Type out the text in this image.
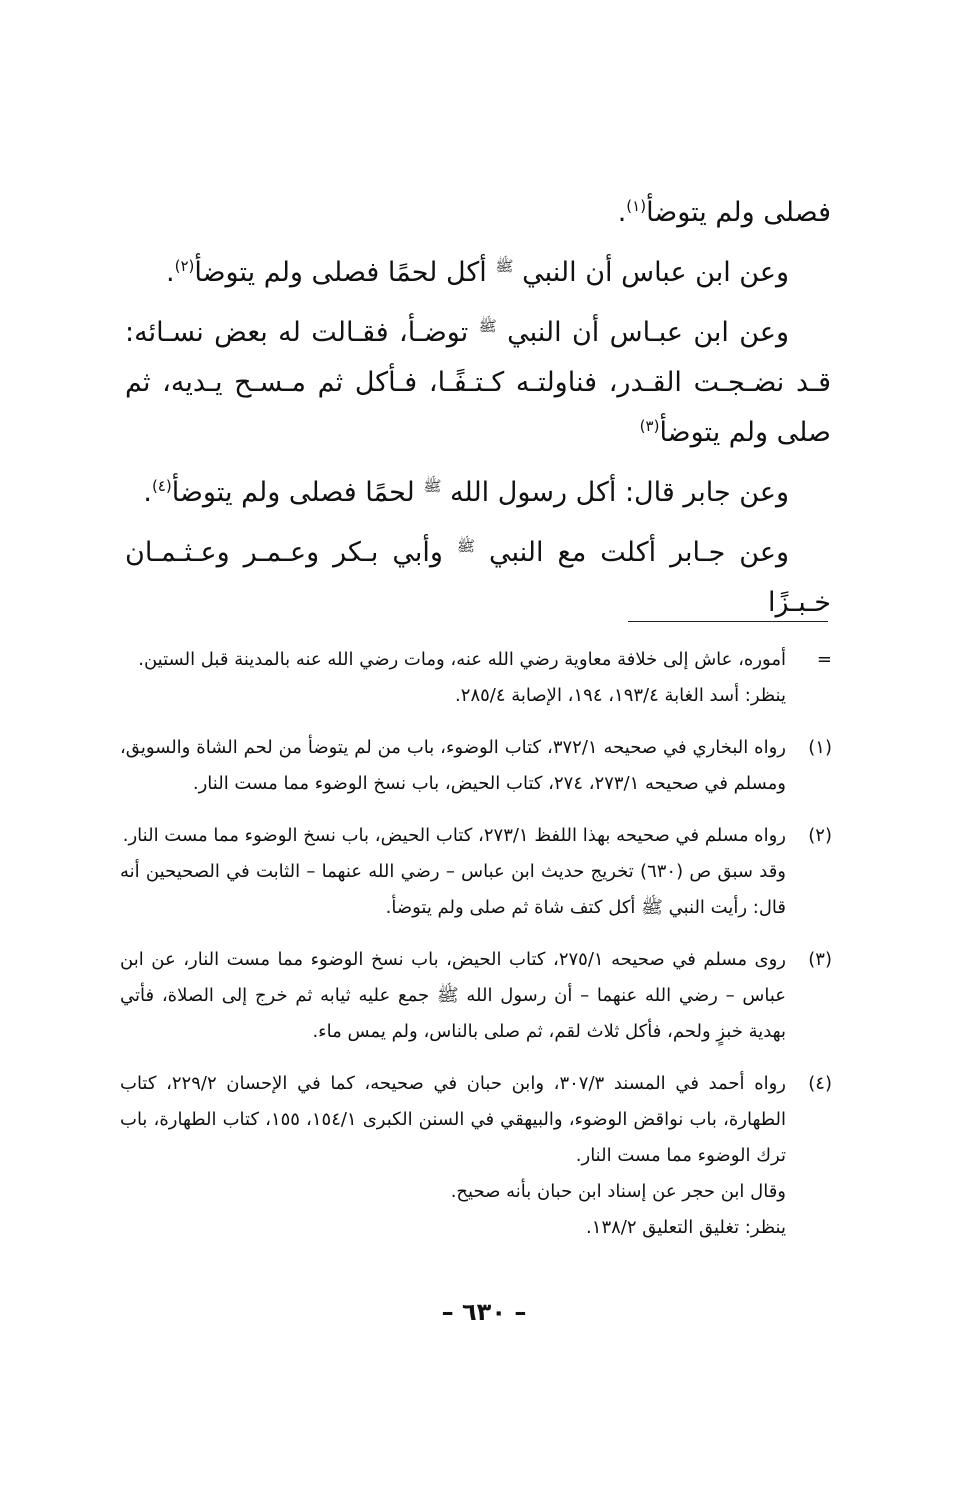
فصلى ولم يتوضأ$^{(١)}$.

وعن ابن عباس أن النبي $^ﷺ$ أكل لحمًا فصلى ولم يتوضأ$^{(٢)}$.

وعن ابن عبـاس أن النبي $^ﷺ$ توضـأ، فقـالت له بعض نسـائه: قـد نضـجـت القـدر، فناولتـه كـتـفًـا، فـأكل ثم مـسـح يـديه، ثم صلى ولم يتوضأ$^{(٣)}$

وعن جابر قال: أكل رسول الله $^ﷺ$ لحمًا فصلى ولم يتوضأ$^{(٤)}$.

وعن جـابر أكلت مع النبي $^ﷺ$ وأبي بـكر وعـمـر وعـثـمـان خـبـزًا

=
أموره، عاش إلى خلافة معاوية رضي الله عنه، ومات رضي الله عنه بالمدينة قبل الستين.
ينظر: أسد الغابة ١٩٣/٤، ١٩٤، الإصابة ٢٨٥/٤.
(١)
رواه البخاري في صحيحه ٣٧٢/١، كتاب الوضوء، باب من لم يتوضأ من لحم الشاة والسويق، ومسلم في صحيحه ٢٧٣/١، ٢٧٤، كتاب الحيض، باب نسخ الوضوء مما مست النار.
(٢)
رواه مسلم في صحيحه بهذا اللفظ ٢٧٣/١، كتاب الحيض، باب نسخ الوضوء مما مست النار.
وقد سبق ص (٦٣٠) تخريج حديث ابن عباس – رضي الله عنهما – الثابت في الصحيحين أنه قال: رأيت النبي ﷺ أكل كتف شاة ثم صلى ولم يتوضأ.
(٣)
روى مسلم في صحيحه ٢٧٥/١، كتاب الحيض، باب نسخ الوضوء مما مست النار، عن ابن عباس – رضي الله عنهما – أن رسول الله ﷺ جمع عليه ثيابه ثم خرج إلى الصلاة، فأتي بهدية خبزٍ ولحم، فأكل ثلاث لقم، ثم صلى بالناس، ولم يمس ماء.
(٤)
رواه أحمد في المسند ٣٠٧/٣، وابن حبان في صحيحه، كما في الإحسان ٢٢٩/٢، كتاب الطهارة، باب نواقض الوضوء، والبيهقي في السنن الكبرى ١٥٤/١، ١٥٥، كتاب الطهارة، باب ترك الوضوء مما مست النار.
وقال ابن حجر عن إسناد ابن حبان بأنه صحيح.
ينظر: تغليق التعليق ١٣٨/٢.
– ٦٣٠ –
